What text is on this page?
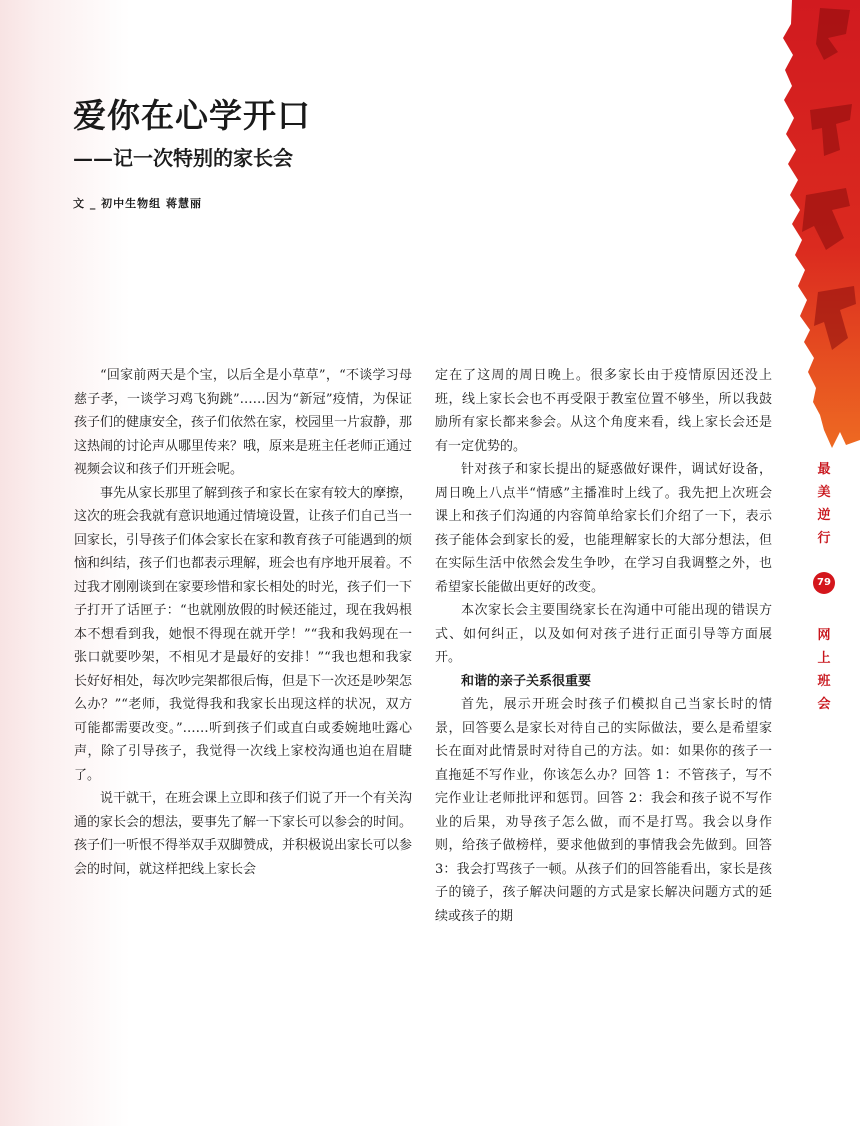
爱你在心学开口
——记一次特别的家长会
文 _ 初中生物组 蒋慧丽

“回家前两天是个宝，以后全是小草草”，“不谈学习母慈子孝，一谈学习鸡飞狗跳”……因为“新冠”疫情，为保证孩子们的健康安全，孩子们依然在家，校园里一片寂静，那这热闹的讨论声从哪里传来？哦，原来是班主任老师正通过视频会议和孩子们开班会呢。

事先从家长那里了解到孩子和家长在家有较大的摩擦，这次的班会我就有意识地通过情境设置，让孩子们自己当一回家长，引导孩子们体会家长在家和教育孩子可能遇到的烦恼和纠结，孩子们也都表示理解，班会也有序地开展着。不过我才刚刚谈到在家要珍惜和家长相处的时光，孩子们一下子打开了话匣子：“也就刚放假的时候还能过，现在我妈根本不想看到我，她恨不得现在就开学！”“我和我妈现在一张口就要吵架，不相见才是最好的安排！”“我也想和我家长好好相处，每次吵完架都很后悔，但是下一次还是吵架怎么办？”“老师，我觉得我和我家长出现这样的状况，双方可能都需要改变。”……听到孩子们或直白或委婉地吐露心声，除了引导孩子，我觉得一次线上家校沟通也迫在眉睫了。

说干就干，在班会课上立即和孩子们说了开一个有关沟通的家长会的想法，要事先了解一下家长可以参会的时间。孩子们一听恨不得举双手双脚赞成，并积极说出家长可以参会的时间，就这样把线上家长会

定在了这周的周日晚上。很多家长由于疫情原因还没上班，线上家长会也不再受限于教室位置不够坐，所以我鼓励所有家长都来参会。从这个角度来看，线上家长会还是有一定优势的。

针对孩子和家长提出的疑惑做好课件，调试好设备，周日晚上八点半“情感”主播准时上线了。我先把上次班会课上和孩子们沟通的内容简单给家长们介绍了一下，表示孩子能体会到家长的爱，也能理解家长的大部分想法，但在实际生活中依然会发生争吵，在学习自我调整之外，也希望家长能做出更好的改变。

本次家长会主要围绕家长在沟通中可能出现的错误方式、如何纠正，以及如何对孩子进行正面引导等方面展开。

和谐的亲子关系很重要

首先，展示开班会时孩子们模拟自己当家长时的情景，回答要么是家长对待自己的实际做法，要么是希望家长在面对此情景时对待自己的方法。如：如果你的孩子一直拖延不写作业，你该怎么办？回答 1：不管孩子，写不完作业让老师批评和惩罚。回答 2：我会和孩子说不写作业的后果，劝导孩子怎么做，而不是打骂。我会以身作则，给孩子做榜样，要求他做到的事情我会先做到。回答 3：我会打骂孩子一顿。从孩子们的回答能看出，家长是孩子的镜子，孩子解决问题的方式是家长解决问题方式的延续或孩子的期

最
美
逆
行
79
网
上
班
会
